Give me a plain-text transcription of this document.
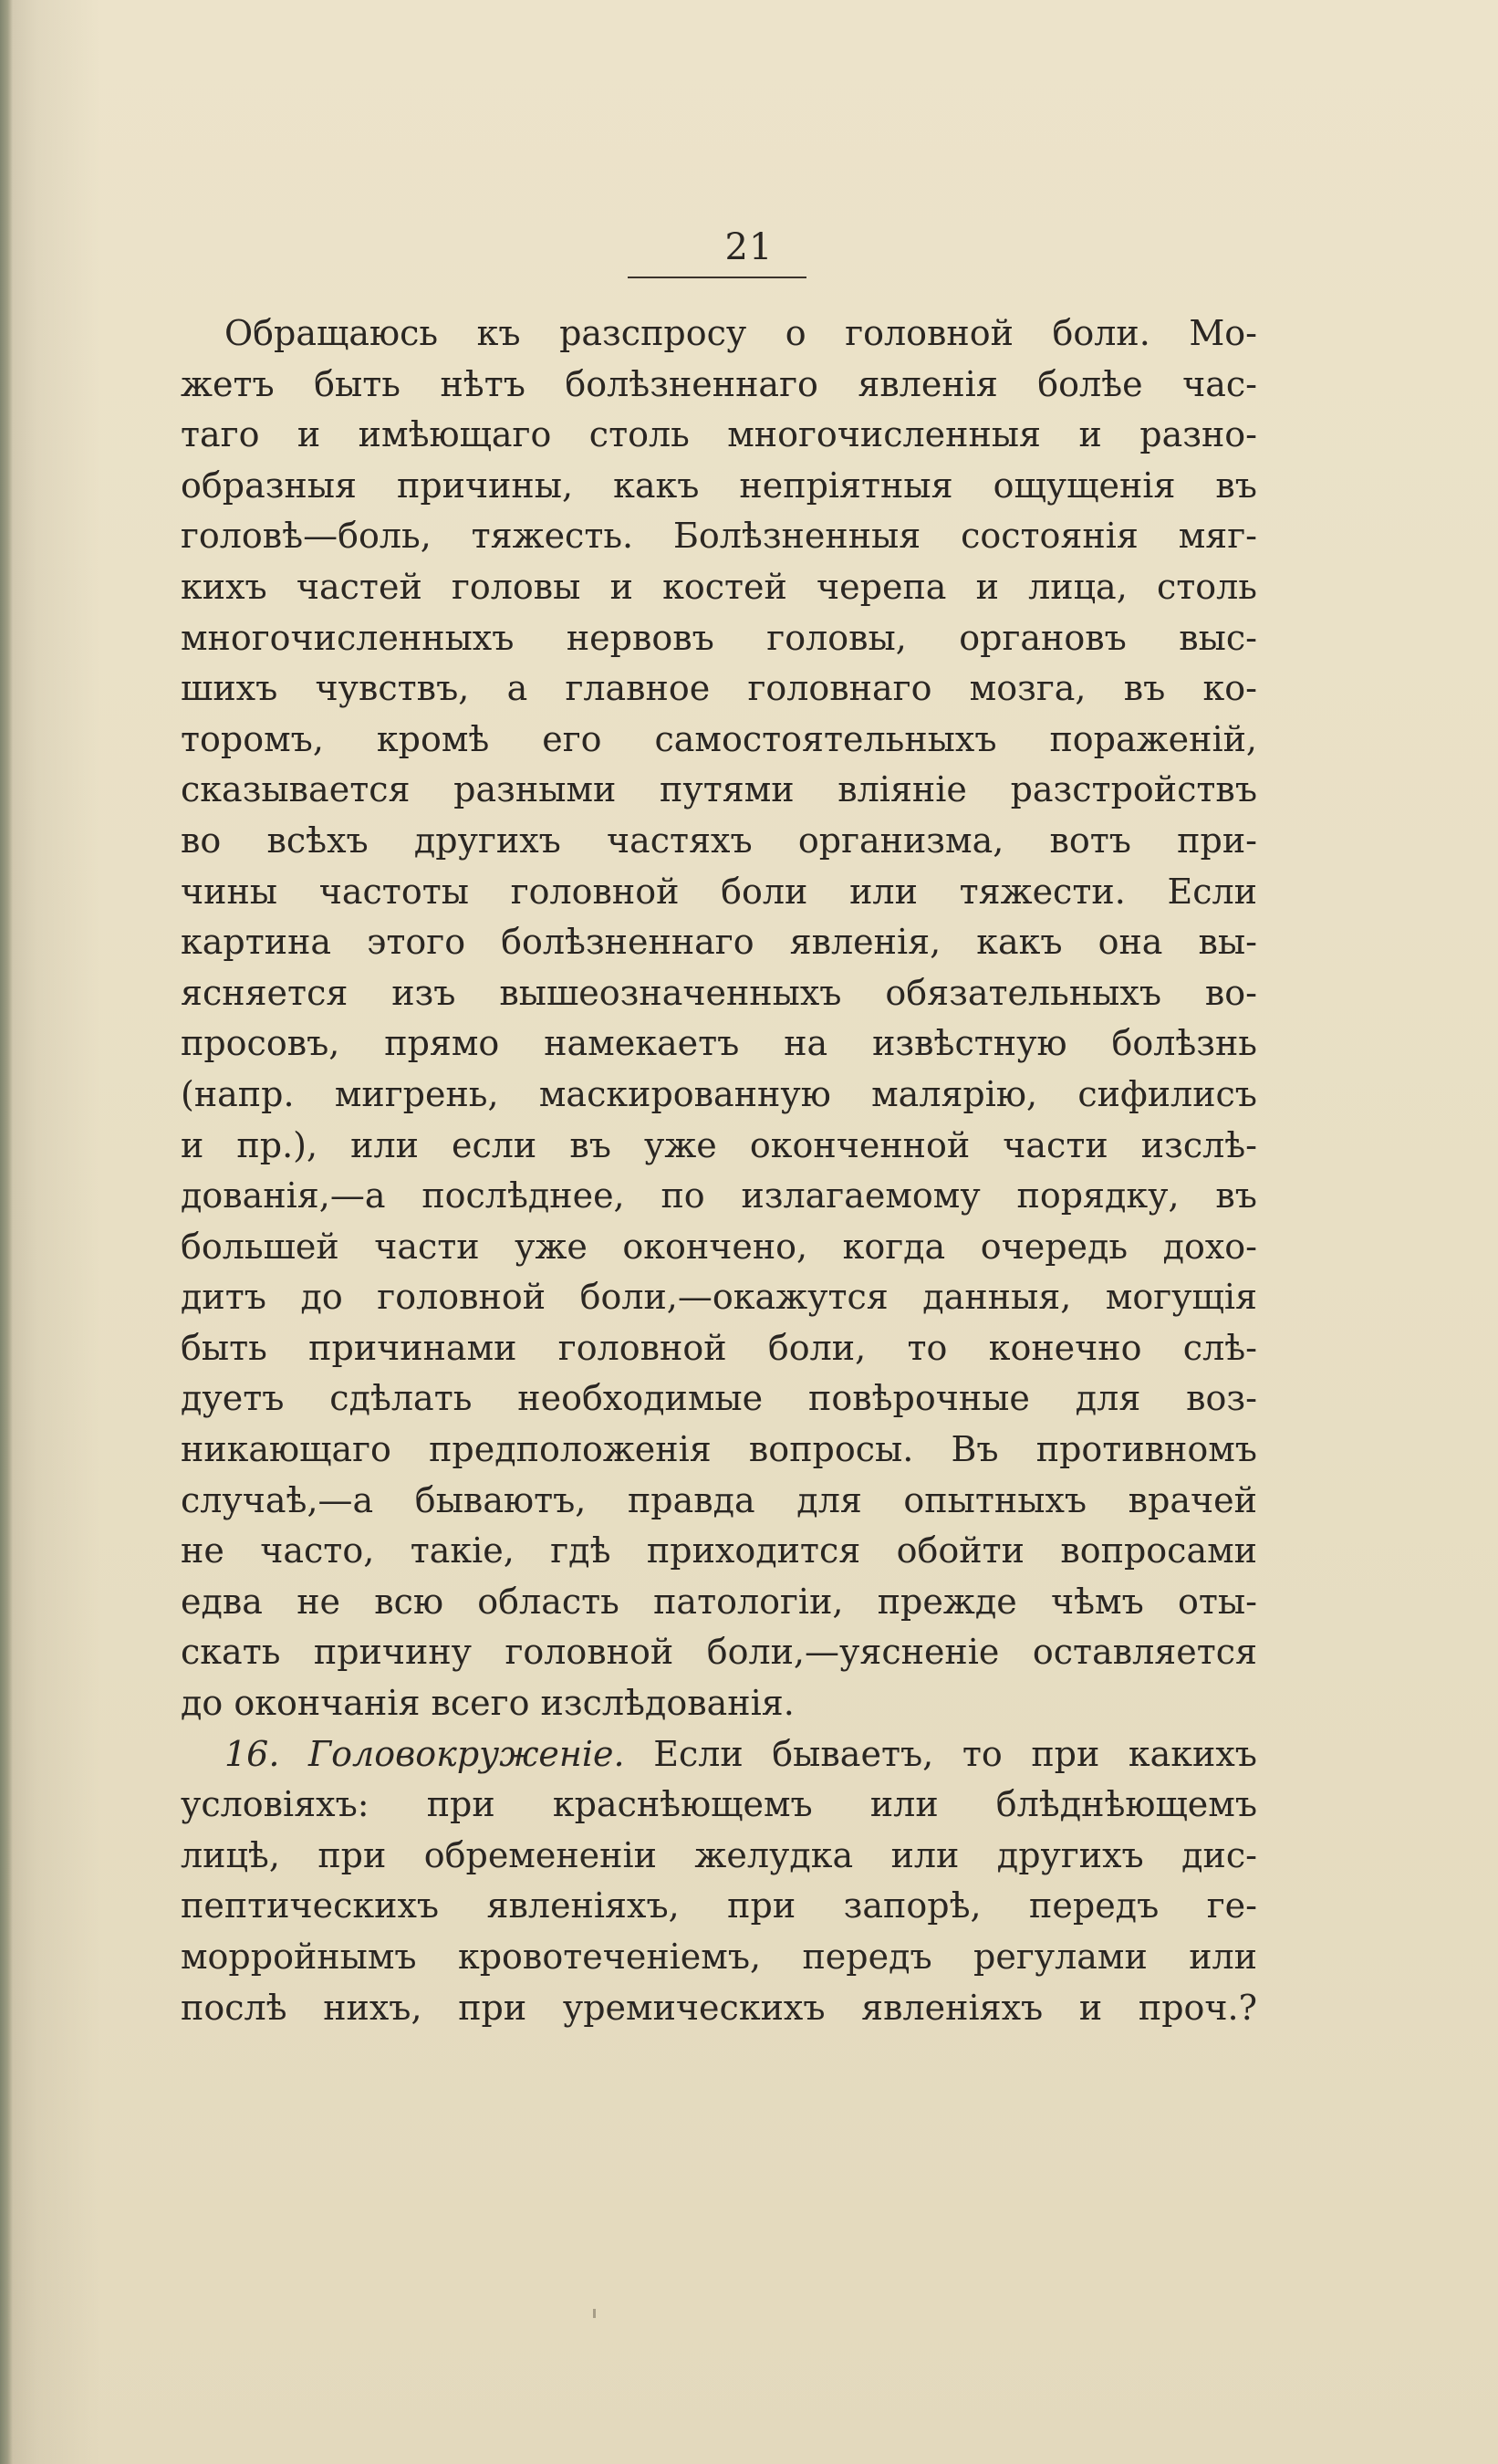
21
Обращаюсь къ разспросу о головной боли. Мо-
жетъ быть нѣтъ болѣзненнаго явленія болѣе час-
таго и имѣющаго столь многочисленныя и разно-
образныя причины, какъ непріятныя ощущенія въ
головѣ—боль, тяжесть. Болѣзненныя состоянія мяг-
кихъ частей головы и костей черепа и лица, столь
многочисленныхъ нервовъ головы, органовъ выс-
шихъ чувствъ, а главное головнаго мозга, въ ко-
торомъ, кромѣ его самостоятельныхъ пораженій,
сказывается разными путями вліяніе разстройствъ
во всѣхъ другихъ частяхъ организма, вотъ при-
чины частоты головной боли или тяжести. Если
картина этого болѣзненнаго явленія, какъ она вы-
ясняется изъ вышеозначенныхъ обязательныхъ во-
просовъ, прямо намекаетъ на извѣстную болѣзнь
(напр. мигрень, маскированную малярію, сифилисъ
и пр.), или если въ уже оконченной части изслѣ-
дованія,—а послѣднее, по излагаемому порядку, въ
большей части уже окончено, когда очередь дохо-
дитъ до головной боли,—окажутся данныя, могущія
быть причинами головной боли, то конечно слѣ-
дуетъ сдѣлать необходимые повѣрочные для воз-
никающаго предположенія вопросы. Въ противномъ
случаѣ,—а бываютъ, правда для опытныхъ врачей
не часто, такіе, гдѣ приходится обойти вопросами
едва не всю область патологіи, прежде чѣмъ оты-
скать причину головной боли,—уясненіе оставляется
до окончанія всего изслѣдованія.
16. Головокруженіе. Если бываетъ, то при какихъ
условіяхъ: при краснѣющемъ или блѣднѣющемъ
лицѣ, при обремененіи желудка или другихъ дис-
пептическихъ явленіяхъ, при запорѣ, передъ ге-
морройнымъ кровотеченіемъ, передъ регулами или
послѣ нихъ, при уремическихъ явленіяхъ и проч.?
